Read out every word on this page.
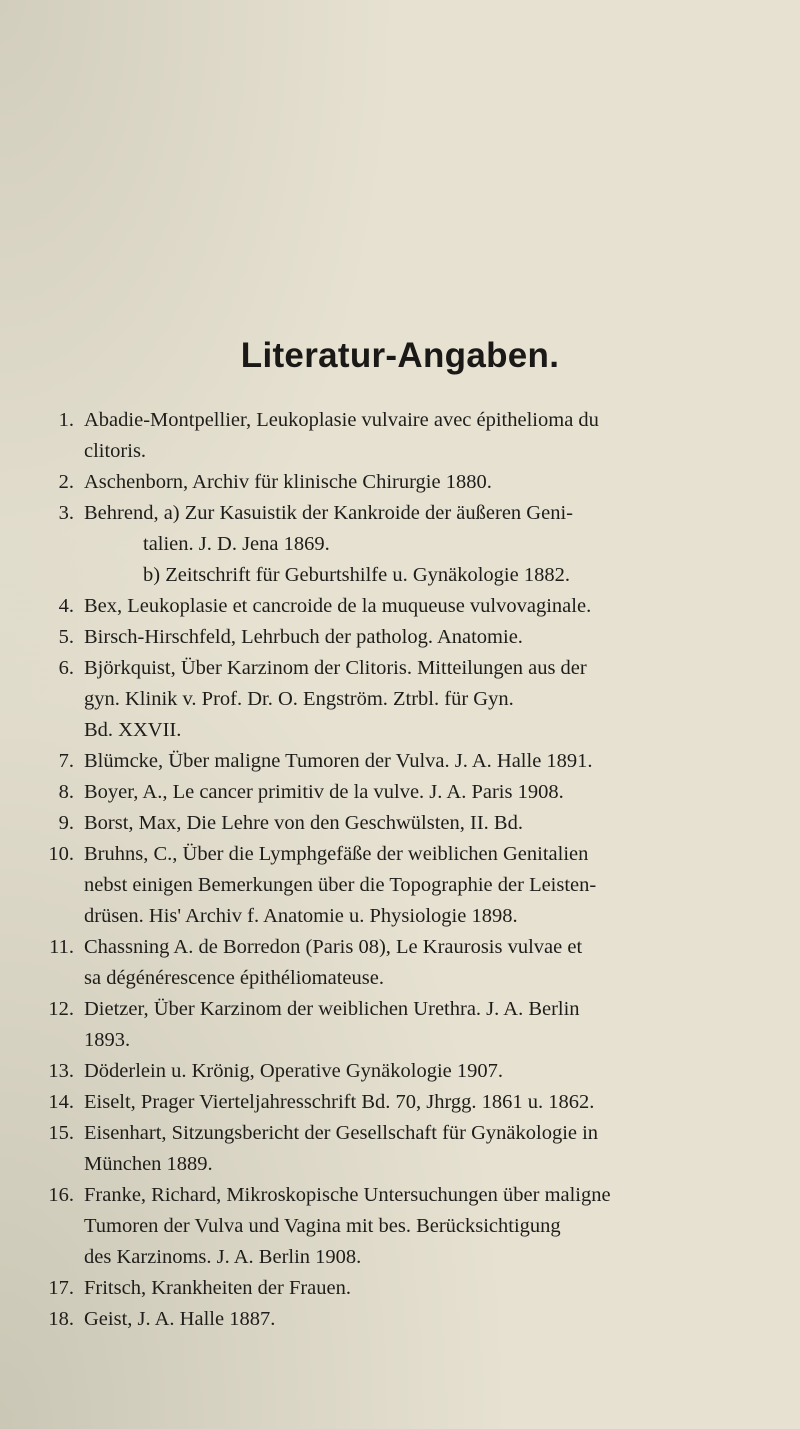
Literatur-Angaben.
1. Abadie-Montpellier, Leukoplasie vulvaire avec épithelioma du
clitoris.
2. Aschenborn, Archiv für klinische Chirurgie 1880.
3. Behrend, a) Zur Kasuistik der Kankroide der äußeren Geni-
talien. J. D. Jena 1869.
b) Zeitschrift für Geburtshilfe u. Gynäkologie 1882.
4. Bex, Leukoplasie et cancroide de la muqueuse vulvovaginale.
5. Birsch-Hirschfeld, Lehrbuch der patholog. Anatomie.
6. Björkquist, Über Karzinom der Clitoris. Mitteilungen aus der
gyn. Klinik v. Prof. Dr. O. Engström. Ztrbl. für Gyn.
Bd. XXVII.
7. Blümcke, Über maligne Tumoren der Vulva. J. A. Halle 1891.
8. Boyer, A., Le cancer primitiv de la vulve. J. A. Paris 1908.
9. Borst, Max, Die Lehre von den Geschwülsten, II. Bd.
10. Bruhns, C., Über die Lymphgefäße der weiblichen Genitalien
nebst einigen Bemerkungen über die Topographie der Leisten-
drüsen. His' Archiv f. Anatomie u. Physiologie 1898.
11. Chassning A. de Borredon (Paris 08), Le Kraurosis vulvae et
sa dégénérescence épithéliomateuse.
12. Dietzer, Über Karzinom der weiblichen Urethra. J. A. Berlin
1893.
13. Döderlein u. Krönig, Operative Gynäkologie 1907.
14. Eiselt, Prager Vierteljahresschrift Bd. 70, Jhrgg. 1861 u. 1862.
15. Eisenhart, Sitzungsbericht der Gesellschaft für Gynäkologie in
München 1889.
16. Franke, Richard, Mikroskopische Untersuchungen über maligne
Tumoren der Vulva und Vagina mit bes. Berücksichtigung
des Karzinoms. J. A. Berlin 1908.
17. Fritsch, Krankheiten der Frauen.
18. Geist, J. A. Halle 1887.
